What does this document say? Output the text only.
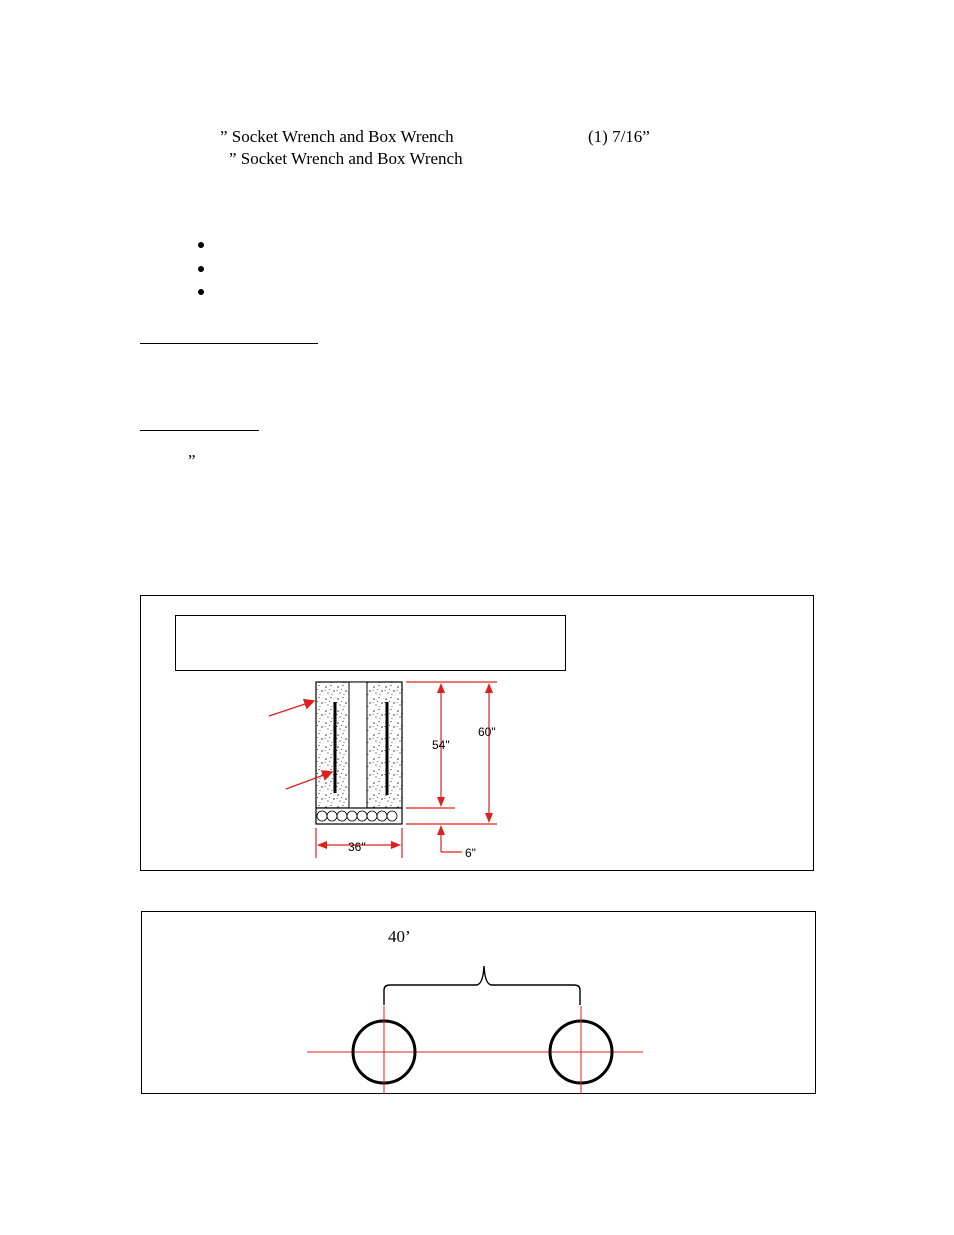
” Socket Wrench and Box Wrench	(1) 7/16”
” Socket Wrench and Box Wrench
”
54"
60"
36"	6"
40’
